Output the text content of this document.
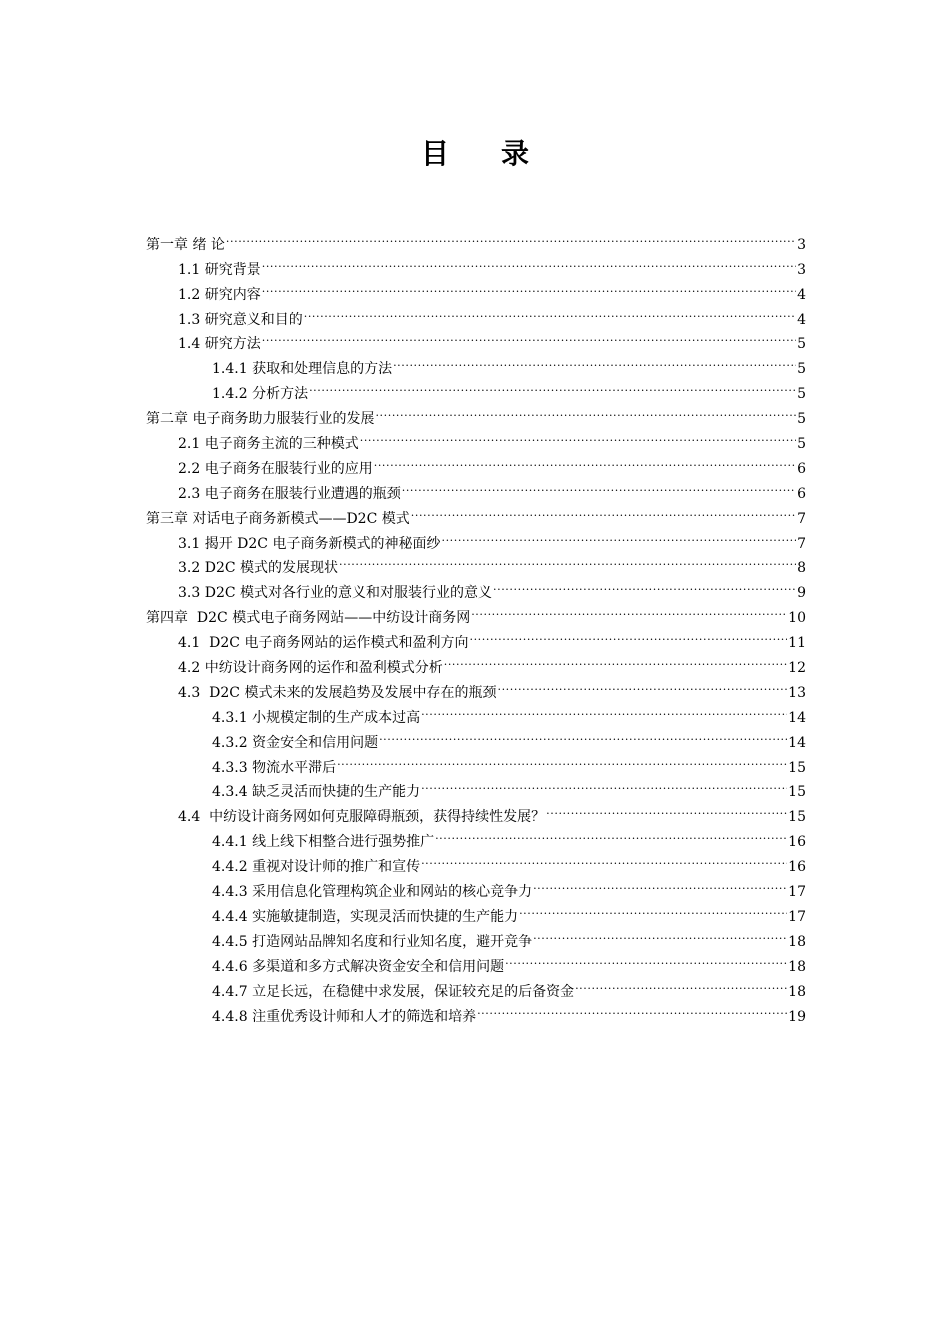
目 录
第一章 绪 论 .....	3
1.1 研究背景 .....	3
1.2 研究内容 .....	4
1.3 研究意义和目的 .....	4
1.4 研究方法 .....	5
1.4.1 获取和处理信息的方法 .....	5
1.4.2 分析方法 .....	5
第二章 电子商务助力服装行业的发展 .....	5
2.1 电子商务主流的三种模式 .....	5
2.2 电子商务在服装行业的应用 .....	6
2.3 电子商务在服装行业遭遇的瓶颈 .....	6
第三章 对话电子商务新模式——D2C 模式 .....	7
3.1 揭开 D2C 电子商务新模式的神秘面纱 .....	7
3.2 D2C 模式的发展现状 .....	8
3.3 D2C 模式对各行业的意义和对服装行业的意义 .....	9
第四章  D2C 模式电子商务网站——中纺设计商务网 .....	10
4.1  D2C 电子商务网站的运作模式和盈利方向 .....	11
4.2 中纺设计商务网的运作和盈利模式分析 .....	12
4.3  D2C 模式未来的发展趋势及发展中存在的瓶颈 .....	13
4.3.1 小规模定制的生产成本过高 .....	14
4.3.2 资金安全和信用问题 .....	14
4.3.3 物流水平滞后 .....	15
4.3.4 缺乏灵活而快捷的生产能力 .....	15
4.4  中纺设计商务网如何克服障碍瓶颈，获得持续性发展？ .....	15
4.4.1 线上线下相整合进行强势推广 .....	16
4.4.2 重视对设计师的推广和宣传 .....	16
4.4.3 采用信息化管理构筑企业和网站的核心竞争力 .....	17
4.4.4 实施敏捷制造，实现灵活而快捷的生产能力 .....	17
4.4.5 打造网站品牌知名度和行业知名度，避开竞争 .....	18
4.4.6 多渠道和多方式解决资金安全和信用问题 .....	18
4.4.7 立足长远，在稳健中求发展，保证较充足的后备资金 .....	18
4.4.8 注重优秀设计师和人才的筛选和培养 .....	19
